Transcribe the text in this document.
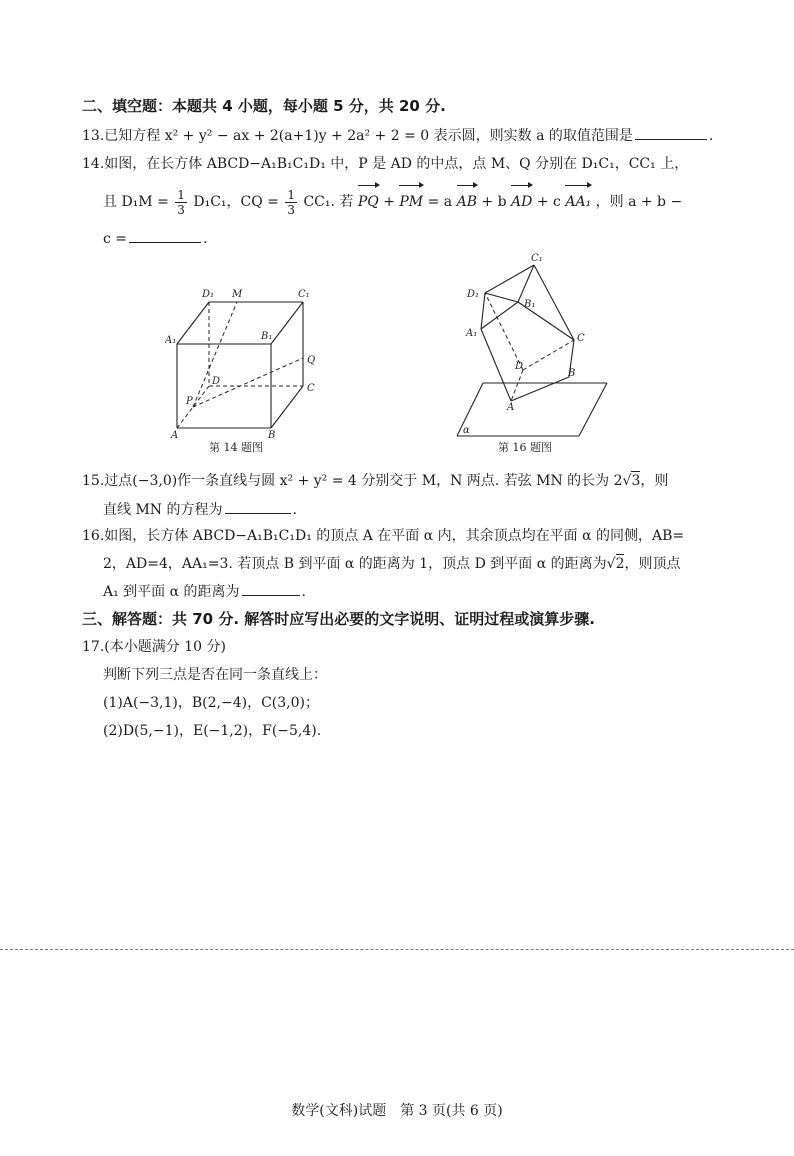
二、填空题：本题共 4 小题，每小题 5 分，共 20 分.
13.已知方程 x² + y² − ax + 2(a+1)y + 2a² + 2 = 0 表示圆，则实数 a 的取值范围是	.
14.如图，在长方体 ABCD−A₁B₁C₁D₁ 中，P 是 AD 的中点，点 M、Q 分别在 D₁C₁，CC₁ 上，
且 $D_1M = \frac{1}{3} D_1C_1$，CQ = $\frac{1}{3} CC_1$. 若 PQ + PM = a AB + b AD + c AA₁ ，则 a + b −
c =	.
D₁ M	C₁
A₁	B₁
Q
D
C
P
A	B
第 14 题图
C₁
D₁
B₁
A₁	C
D
B
A
α
第 16 题图
15.过点(−3,0)作一条直线与圆 x² + y² = 4 分别交于 M，N 两点. 若弦 MN 的长为 2√3，则
直线 MN 的方程为	.
16.如图，长方体 ABCD−A₁B₁C₁D₁ 的顶点 A 在平面 α 内，其余顶点均在平面 α 的同侧，AB=
2，AD=4，AA₁=3. 若顶点 B 到平面 α 的距离为 1，顶点 D 到平面 α 的距离为√2，则顶点
A₁ 到平面 α 的距离为	.
三、解答题：共 70 分. 解答时应写出必要的文字说明、证明过程或演算步骤.
17.(本小题满分 10 分)
判断下列三点是否在同一条直线上：
(1)A(−3,1)，B(2,−4)，C(3,0)；
(2)D(5,−1)，E(−1,2)，F(−5,4).
数学(文科)试题　第 3 页(共 6 页)
